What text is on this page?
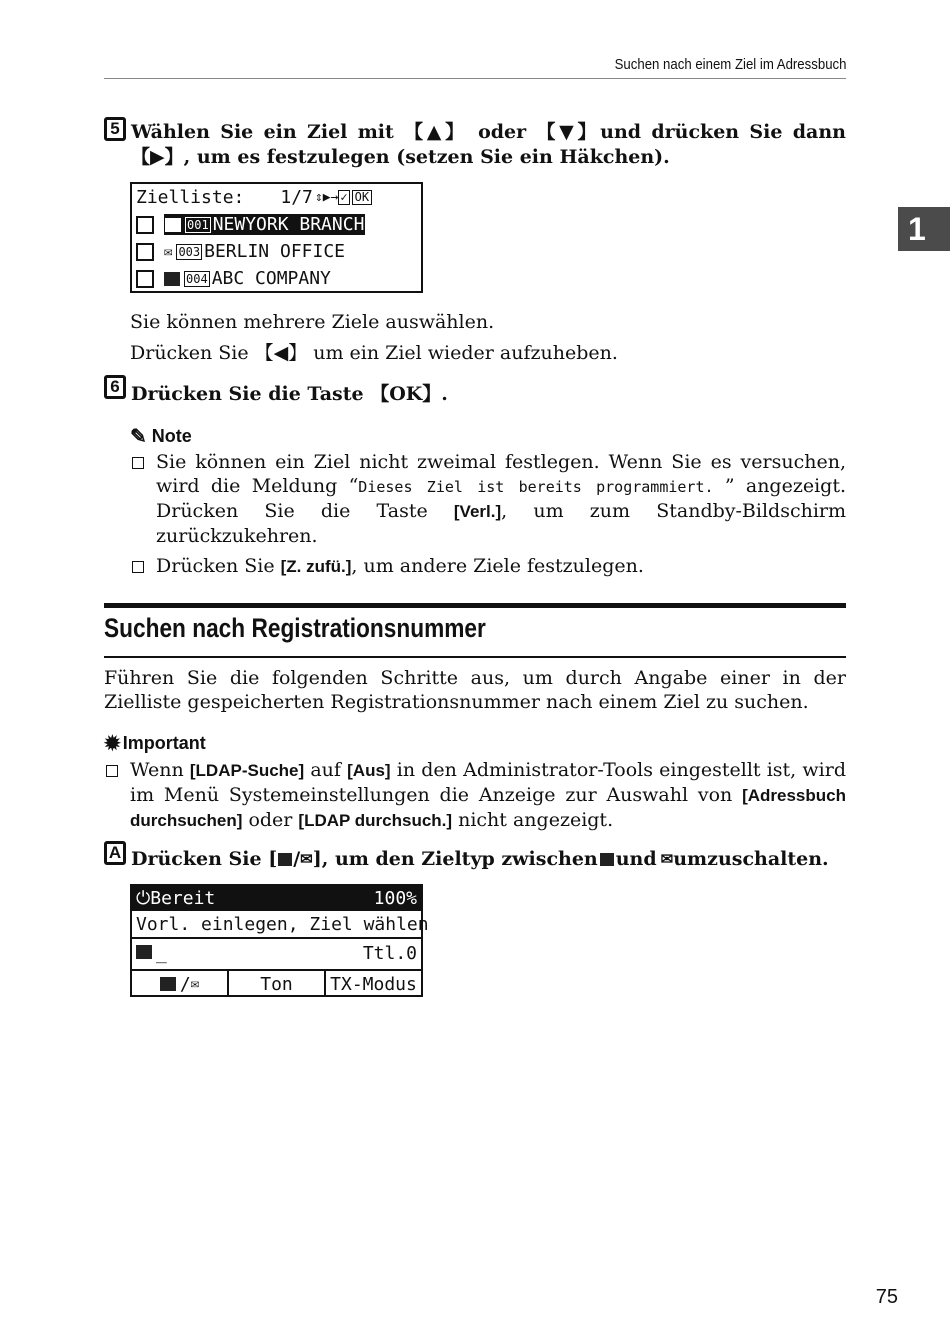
Suchen nach einem Ziel im Adressbuch
1
5 Wählen Sie ein Ziel mit 【▲】 oder 【▼】und drücken Sie dann 【▶】, um es festzulegen (setzen Sie ein Häkchen).
Zielliste: 1/7 ⇕ ▶→ ✓ OK
001 NEWYORK BRANCH
✉ 003 BERLIN OFFICE
004 ABC COMPANY
Sie können mehrere Ziele auswählen.
Drücken Sie 【◀】 um ein Ziel wieder aufzuheben.
6 Drücken Sie die Taste 【OK】.
✎ Note
Sie können ein Ziel nicht zweimal festlegen. Wenn Sie es versuchen, wird die Meldung “Dieses Ziel ist bereits programmiert. ” angezeigt. Drücken Sie die Taste [Verl.], um zum Standby-Bildschirm zurückzukehren.
Drücken Sie [Z. zufü.], um andere Ziele festzulegen.
Suchen nach Registrationsnummer
Führen Sie die folgenden Schritte aus, um durch Angabe einer in der Zielliste gespeicherten Registrationsnummer nach einem Ziel zu suchen.
✹ Important
Wenn [LDAP-Suche] auf [Aus] in den Administrator-Tools eingestellt ist, wird im Menü Systemeinstellungen die Anzeige zur Auswahl von [Adressbuch durchsuchen] oder [LDAP durchsuch.] nicht angezeigt.
A Drücken Sie [ / ✉ ], um den Zieltyp zwischen und ✉ umzuschalten.
⏻Bereit	100%
Vorl. einlegen, Ziel wählen
_	Ttl.0
/ ✉	Ton	TX-Modus
75
